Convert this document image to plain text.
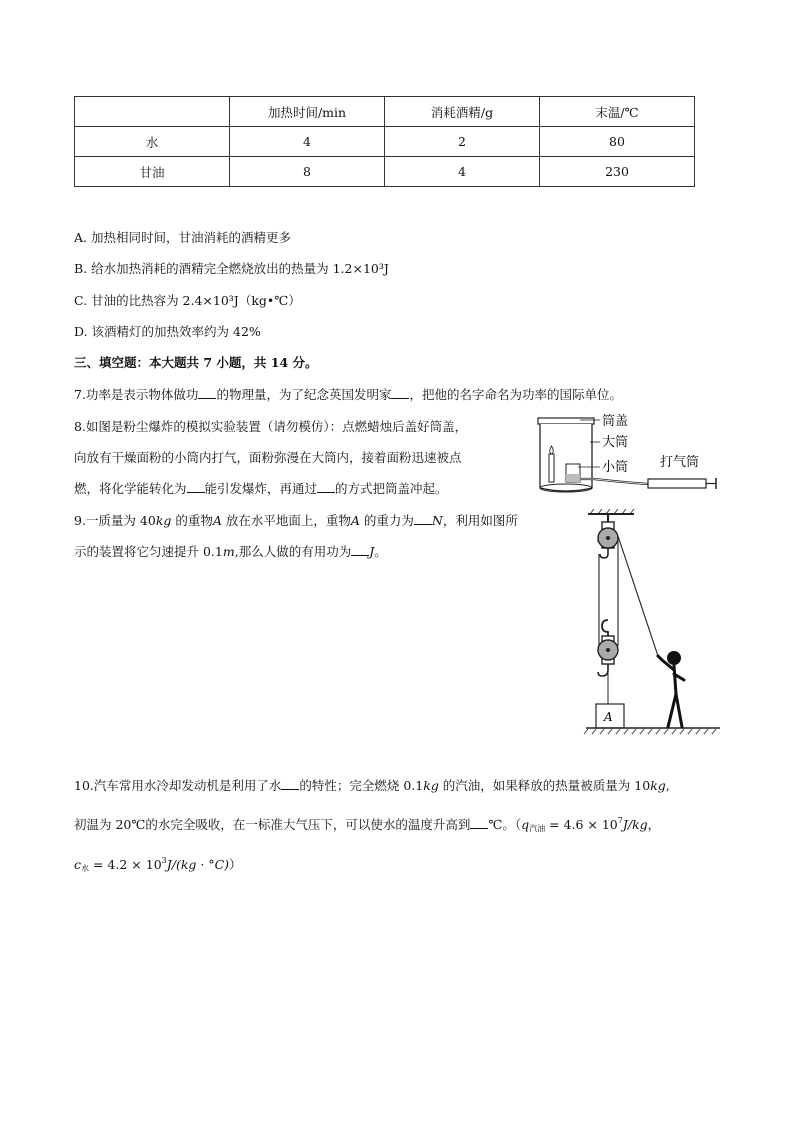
	加热时间/min	消耗酒精/g	末温/℃
水	4	2	80
甘油	8	4	230
A. 加热相同时间，甘油消耗的酒精更多
B. 给水加热消耗的酒精完全燃烧放出的热量为 1.2×10³J
C. 甘油的比热容为 2.4×10³J（kg•℃）
D. 该酒精灯的加热效率约为 42%
三、填空题：本大题共 7 小题，共 14 分。
7.功率是表示物体做功 的物理量，为了纪念英国发明家 ，把他的名字命名为功率的国际单位。
8.如图是粉尘爆炸的模拟实验装置（请勿模仿）：点燃蜡烛后盖好筒盖，
向放有干燥面粉的小筒内打气，面粉弥漫在大筒内，接着面粉迅速被点
燃，将化学能转化为 能引发爆炸，再通过 的方式把筒盖冲起。
筒盖
大筒
小筒 打气筒
9.一质量为 40kg 的重物A 放在水平地面上，重物A 的重力为 N，利用如图所
示的装置将它匀速提升 0.1m,那么人做的有用功为 J。
A
10.汽车常用水冷却发动机是利用了水 的特性；完全燃烧 0.1kg 的汽油，如果释放的热量被质量为 10kg,
初温为 20℃的水完全吸收，在一标准大气压下，可以使水的温度升高到 ℃。（$q_{汽油} = 4.6 \times 10^7J/kg$，
$c_水 = 4.2 \times 10^3J/(kg \cdot ^\circ C)$）
